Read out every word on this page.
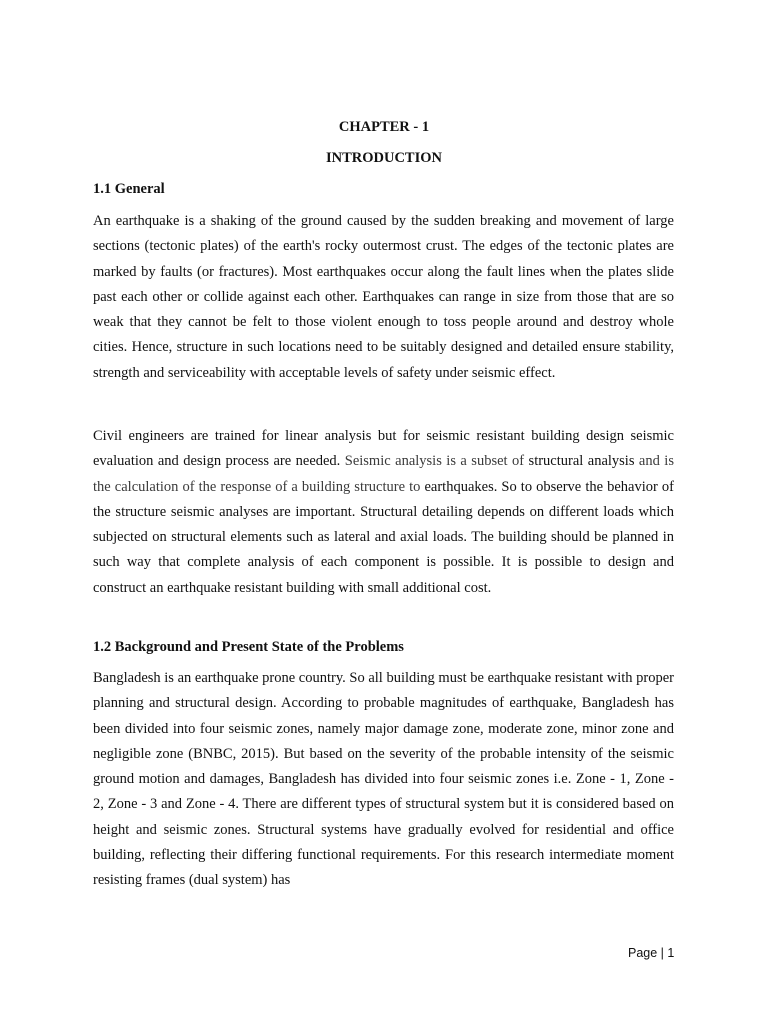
CHAPTER - 1
INTRODUCTION
1.1 General

An earthquake is a shaking of the ground caused by the sudden breaking and movement of large sections (tectonic plates) of the earth's rocky outermost crust. The edges of the tectonic plates are marked by faults (or fractures). Most earthquakes occur along the fault lines when the plates slide past each other or collide against each other. Earthquakes can range in size from those that are so weak that they cannot be felt to those violent enough to toss people around and destroy whole cities. Hence, structure in such locations need to be suitably designed and detailed ensure stability, strength and serviceability with acceptable levels of safety under seismic effect.

Civil engineers are trained for linear analysis but for seismic resistant building design seismic evaluation and design process are needed. Seismic analysis is a subset of structural analysis and is the calculation of the response of a building structure to earthquakes. So to observe the behavior of the structure seismic analyses are important. Structural detailing depends on different loads which subjected on structural elements such as lateral and axial loads. The building should be planned in such way that complete analysis of each component is possible. It is possible to design and construct an earthquake resistant building with small additional cost.

1.2 Background and Present State of the Problems

Bangladesh is an earthquake prone country. So all building must be earthquake resistant with proper planning and structural design. According to probable magnitudes of earthquake, Bangladesh has been divided into four seismic zones, namely major damage zone, moderate zone, minor zone and negligible zone (BNBC, 2015). But based on the severity of the probable intensity of the seismic ground motion and damages, Bangladesh has divided into four seismic zones i.e. Zone - 1, Zone - 2, Zone - 3 and Zone - 4. There are different types of structural system but it is considered based on height and seismic zones. Structural systems have gradually evolved for residential and office building, reflecting their differing functional requirements. For this research intermediate moment resisting frames (dual system) has

Page | 1
